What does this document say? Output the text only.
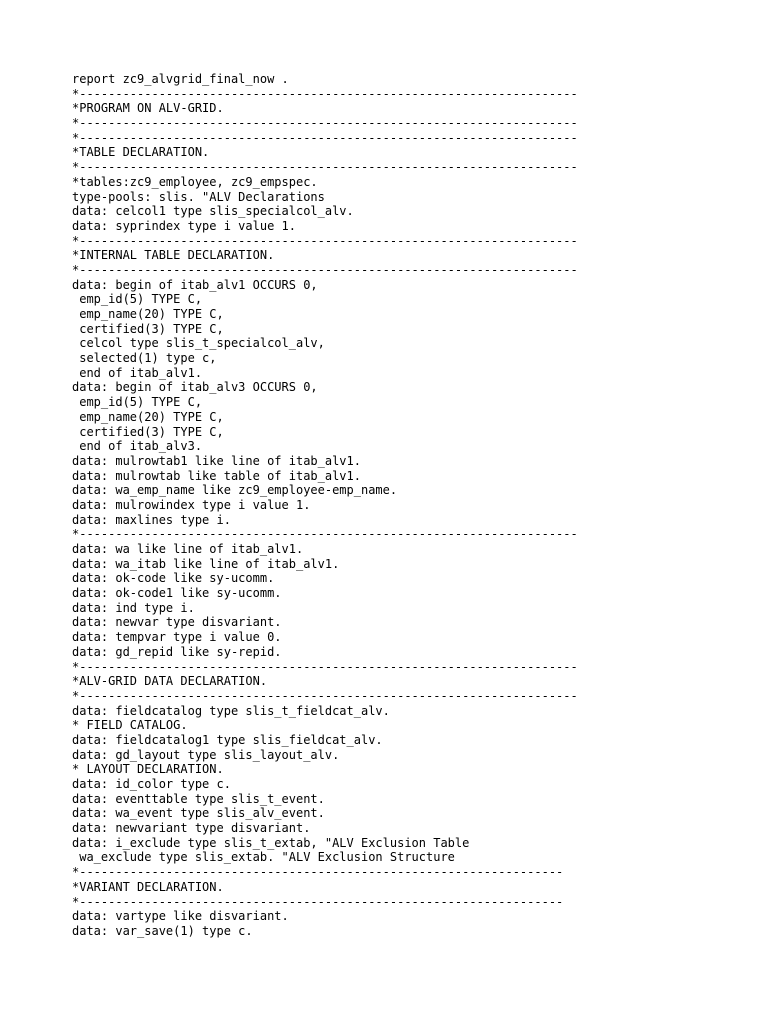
report zc9_alvgrid_final_now .
*---------------------------------------------------------------------
*PROGRAM ON ALV-GRID.
*---------------------------------------------------------------------
*---------------------------------------------------------------------
*TABLE DECLARATION.
*---------------------------------------------------------------------
*tables:zc9_employee, zc9_empspec.
type-pools: slis. "ALV Declarations
data: celcol1 type slis_specialcol_alv.
data: syprindex type i value 1.
*---------------------------------------------------------------------
*INTERNAL TABLE DECLARATION.
*---------------------------------------------------------------------
data: begin of itab_alv1 OCCURS 0,
emp_id(5) TYPE C,
emp_name(20) TYPE C,
certified(3) TYPE C,
celcol type slis_t_specialcol_alv,
selected(1) type c,
end of itab_alv1.
data: begin of itab_alv3 OCCURS 0,
emp_id(5) TYPE C,
emp_name(20) TYPE C,
certified(3) TYPE C,
end of itab_alv3.
data: mulrowtab1 like line of itab_alv1.
data: mulrowtab like table of itab_alv1.
data: wa_emp_name like zc9_employee-emp_name.
data: mulrowindex type i value 1.
data: maxlines type i.
*---------------------------------------------------------------------
data: wa like line of itab_alv1.
data: wa_itab like line of itab_alv1.
data: ok-code like sy-ucomm.
data: ok-code1 like sy-ucomm.
data: ind type i.
data: newvar type disvariant.
data: tempvar type i value 0.
data: gd_repid like sy-repid.
*---------------------------------------------------------------------
*ALV-GRID DATA DECLARATION.
*---------------------------------------------------------------------
data: fieldcatalog type slis_t_fieldcat_alv.
* FIELD CATALOG.
data: fieldcatalog1 type slis_fieldcat_alv.
data: gd_layout type slis_layout_alv.
* LAYOUT DECLARATION.
data: id_color type c.
data: eventtable type slis_t_event.
data: wa_event type slis_alv_event.
data: newvariant type disvariant.
data: i_exclude type slis_t_extab, "ALV Exclusion Table
wa_exclude type slis_extab. "ALV Exclusion Structure
*-------------------------------------------------------------------
*VARIANT DECLARATION.
*-------------------------------------------------------------------
data: vartype like disvariant.
data: var_save(1) type c.
